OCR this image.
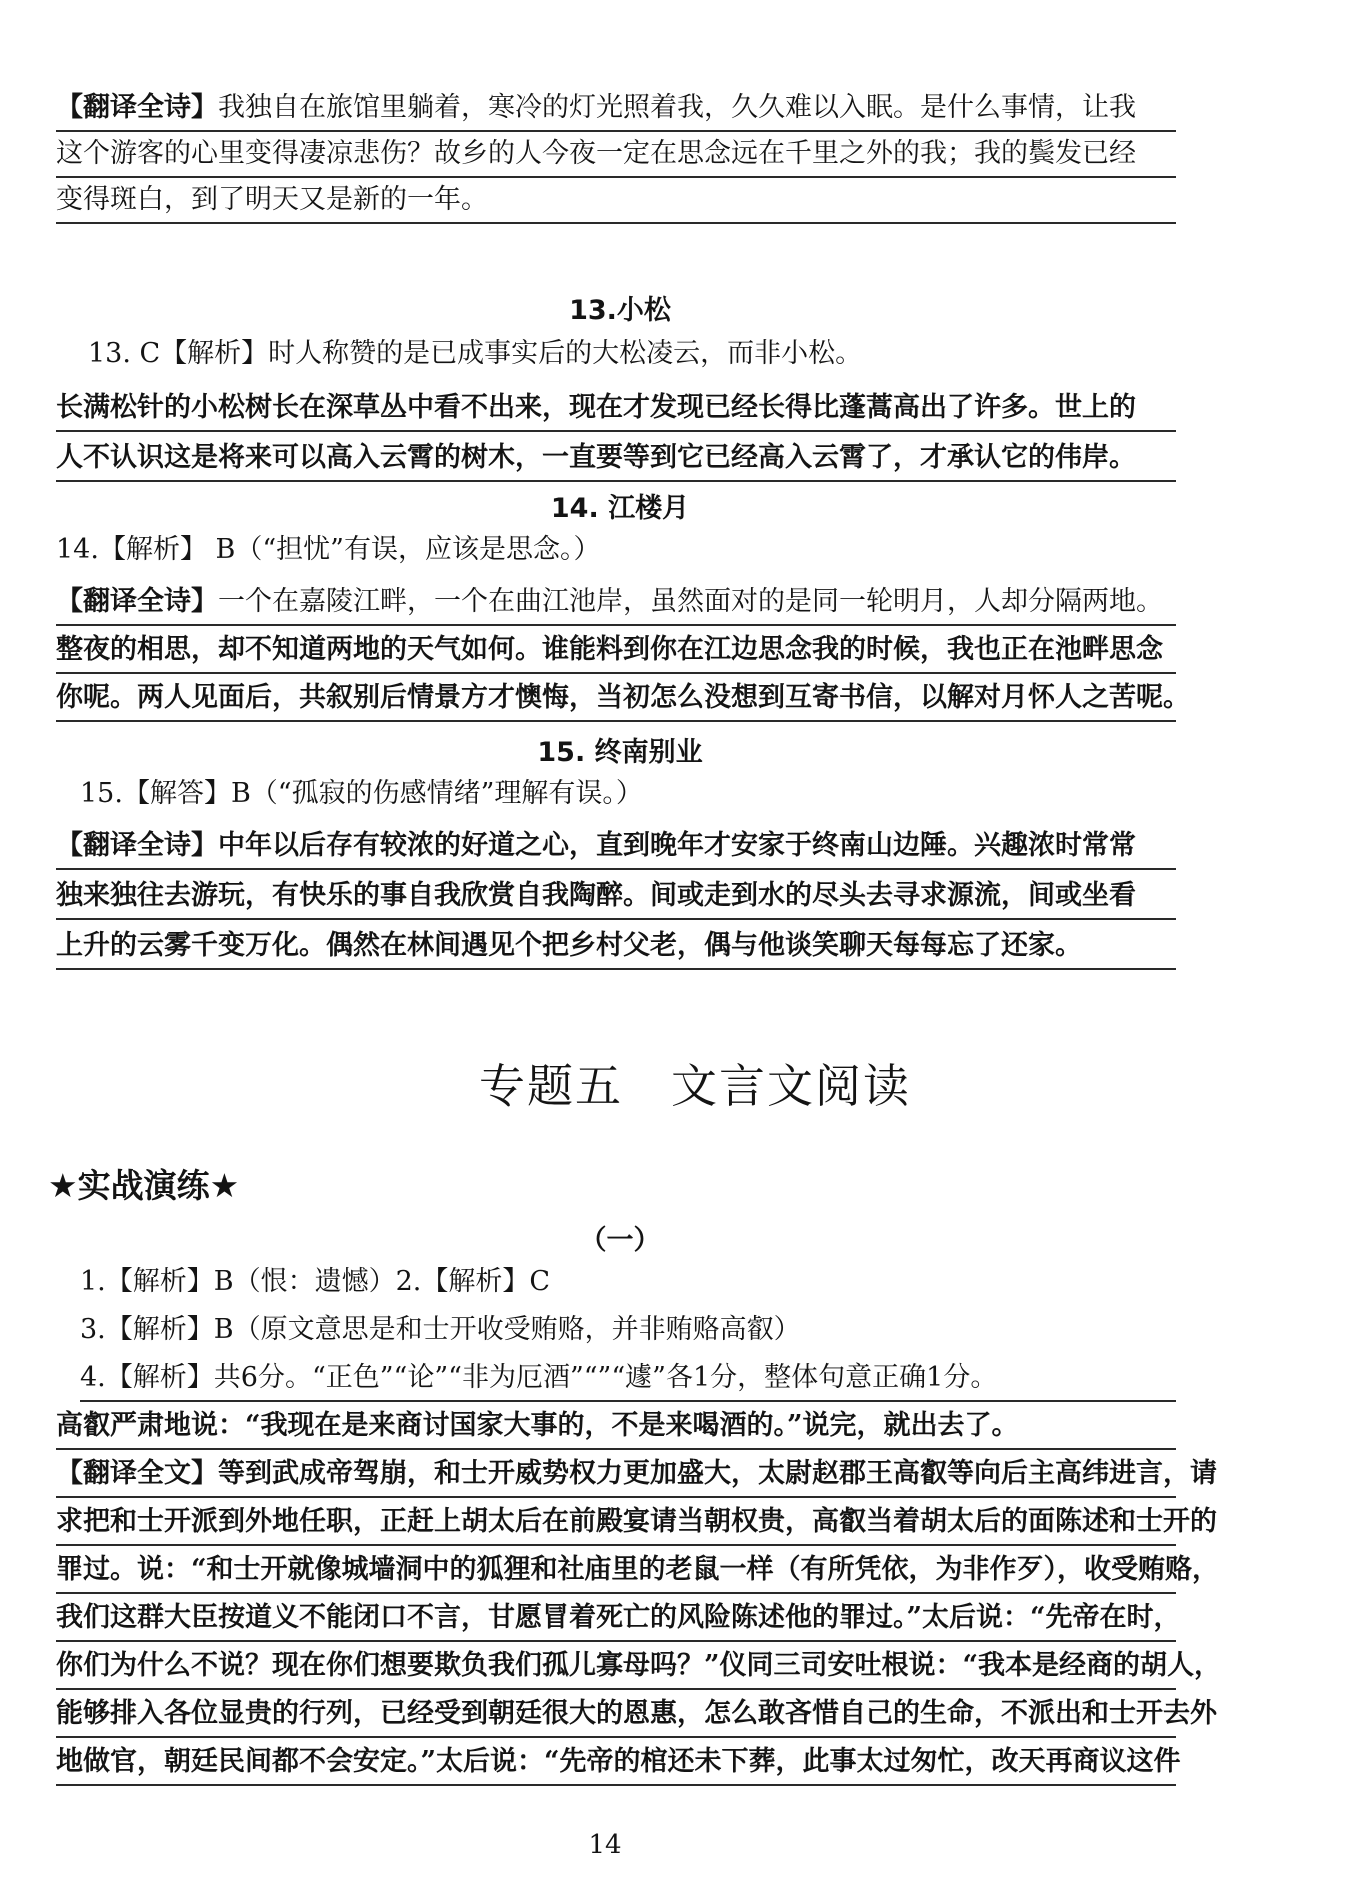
【翻译全诗】我独自在旅馆里躺着，寒冷的灯光照着我，久久难以入眠。是什么事情，让我
这个游客的心里变得凄凉悲伤？故乡的人今夜一定在思念远在千里之外的我；我的鬓发已经
变得斑白，到了明天又是新的一年。
13.小松
13. C【解析】时人称赞的是已成事实后的大松凌云，而非小松。
长满松针的小松树长在深草丛中看不出来，现在才发现已经长得比蓬蒿高出了许多。世上的
人不认识这是将来可以高入云霄的树木，一直要等到它已经高入云霄了，才承认它的伟岸。
14. 江楼月
14.【解析】 B（“担忧”有误，应该是思念。）
【翻译全诗】一个在嘉陵江畔，一个在曲江池岸，虽然面对的是同一轮明月，人却分隔两地。
整夜的相思，却不知道两地的天气如何。谁能料到你在江边思念我的时候，我也正在池畔思念
你呢。两人见面后，共叙别后情景方才懊悔，当初怎么没想到互寄书信，以解对月怀人之苦呢。
15. 终南别业
15.【解答】B（“孤寂的伤感情绪”理解有误。）
【翻译全诗】中年以后存有较浓的好道之心，直到晚年才安家于终南山边陲。兴趣浓时常常
独来独往去游玩，有快乐的事自我欣赏自我陶醉。间或走到水的尽头去寻求源流，间或坐看
上升的云雾千变万化。偶然在林间遇见个把乡村父老，偶与他谈笑聊天每每忘了还家。
专题五　文言文阅读
★实战演练★
（一）
1.【解析】B（恨：遗憾）2.【解析】C
3.【解析】B（原文意思是和士开收受贿赂，并非贿赂高叡）
4.【解析】共6分。“正色”“论”“非为厄酒”“”“遽”各1分，整体句意正确1分。
高叡严肃地说：“我现在是来商讨国家大事的，不是来喝酒的。”说完，就出去了。
【翻译全文】等到武成帝驾崩，和士开威势权力更加盛大，太尉赵郡王高叡等向后主高纬进言，请
求把和士开派到外地任职，正赶上胡太后在前殿宴请当朝权贵，高叡当着胡太后的面陈述和士开的
罪过。说：“和士开就像城墙洞中的狐狸和社庙里的老鼠一样（有所凭依，为非作歹），收受贿赂，
我们这群大臣按道义不能闭口不言，甘愿冒着死亡的风险陈述他的罪过。”太后说：“先帝在时，
你们为什么不说？现在你们想要欺负我们孤儿寡母吗？”仪同三司安吐根说：“我本是经商的胡人，
能够排入各位显贵的行列，已经受到朝廷很大的恩惠，怎么敢吝惜自己的生命，不派出和士开去外
地做官，朝廷民间都不会安定。”太后说：“先帝的棺还未下葬，此事太过匆忙，改天再商议这件
14
